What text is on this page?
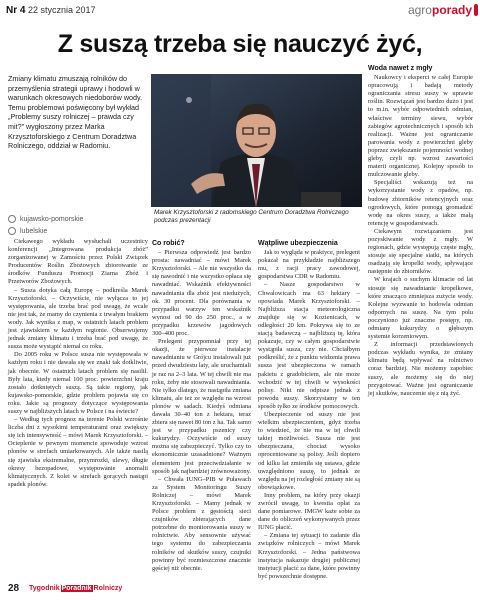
Nr 4 22 stycznia 2017	agroporady
Z suszą trzeba się nauczyć żyć,

Zmiany klimatu zmuszają rolników do przemyślenia strategii uprawy i hodowli w warunkach okresowych niedoborów wody. Temu problemowi poświęcony był wykład „Problemy suszy rolniczej – prawda czy mit?” wygłoszony przez Marka Krzysztoforskiego z Centrum Doradztwa Rolniczego, oddział w Radomiu.

kujawsko-pomorskie
lubelskie
Marek Krzysztoforski z radomskiego Centrum Doradztwa Rolniczego podczas prezentacji

Ciekawego wykładu wysłuchali uczestnicy konferencji „Integrowana produkcja zbóż” zorganizowanej w Zamościu przez Polski Związek Producentów Roślin Zbożowych zbiorowanie ze środków Funduszu Promocji Ziarna Zbóż i Przetworów Zbożowych.

– Susza dotyka całą Europę – podkreśla Marek Krzysztoforski. – Oczywiście, nie wyłącza to jej występowania, ale trzeba brać pod uwagę, że wcale nie jest tak, że mamy do czynienia z trwałym brakiem wody. Jak wynika z map, w ostatnich latach problem jest zjawiskiem w każdym regionie. Obserwujemy jednak zmiany klimatu i trzeba brać pod uwagę, że susza może wystąpić niemal co roku.

Do 2005 roku w Polsce susza nie występowała w każdym roku i nie dawała się we znaki tak dotkliwie, jak obecnie. W ostatnich latach problem się nasilił. Były lata, kiedy niemal 100 proc. powierzchni kraju zostało dotkniętych suszą. Są takie regiony, jak kujawsko-pomorskie, gdzie problem pojawia się co roku. Jakie są prognozy dotyczące występowania suszy w najbliższych latach w Polsce i na świecie?

– Według tych prognoz na terenie Polski wzrośnie liczba dni z wysokimi temperaturami oraz zwiększy się ich intensywność – mówi Marek Krzysztoforski. – Ocieplenie w pewnym momencie spowoduje wzrost plonów w strefach umiarkowanych. Ale także nasilą się zjawiska ekstremalne, przymrozki, ulewy, długie okresy bezopadowe, występowanie anomalii klimatycznych. Z kolei w strefach gorących nastąpi spadek plonów.

Co robić?

– Pierwsza odpowiedź jest bardzo prosta: nawadniać – mówi Marek Krzysztoforski. – Ale nie wszystko da się nawodnić i nie wszystko opłaca się nawadniać. Wskaźnik efektywności nawadniania dla zbóż jest niedużych, ok. 30 procent. Dla porównania w przypadku warzyw ten wskaźnik wynosi od 90 do 250 proc., a w przypadku krzewów jagodowych 300–400 proc.

Prelegent przypomniał przy tej okazji, że pierwsze instalacje nawadnianiu w Grójcu instalowali już przed dwudziestu laty, ale uruchamiali je raz na 2–3 lata. W tej chwili nie ma roku, żeby nie stosowali nawadniania. Nie tylko dlatego, że nastąpiła zmiana klimatu, ale też ze względu na wzrost plonów w sadach. Kiedyś odmiana dawała 30–40 ton z hektara, teraz zbiera się nawet 80 ton z ha. Tak samo jest w przypadku pszenicy czy kukurydzy. Oczywiście od suszy można się zabezpieczyć. Tylko czy to ekonomicznie uzasadnione? Ważnym elementem jest przeciwdziałanie w sposób jak najbardziej zrównoważony.

– Chwała IUNG–PIB w Puławach za System Monitoringu Suszy Rolniczej – mówi Marek Krzysztoforski. – Mamy jednak w Polsce problem z gęstością sieci czujników zbierających dane potrzebne do monitorowania suszy w rolnictwie. Aby sensownie używać tego systemu do zabezpieczania rolników od skutków suszy, czujniki powinny być rozmieszczone znacznie gęściej niż obecnie.

Wątpliwe ubezpieczenia

Jak to wygląda w praktyce, prelegent pokazał na przykładzie najbliższego mu, z racji pracy zawodowej, gospodarstwa CDR w Radomiu.

– Nasze gospodarstwo w Chwalowicach ma 63 hektary – opowiada Marek Krzysztoforski. – Najbliższa stacja meteorologiczna znajduje się w Kozienicach, w odległości 20 km. Pokrywa się to ze stacją badawczą – najbliższą tę, która pokazuje, czy w całym gospodarstwie wystąpiła susza, czy nie. Chciałbym podkreślić, że z punktu widzenia prawa susza jest ubezpieczona w ramach pakietu z gradobiciem, ale nie może wchodzić w tej chwili w wysokości polisy. Nikt nie odpisze jednak z powodu suszy. Skorzystamy w ten sposób tylko ze środków pomocowych.

Ubezpieczenie od suszy nie jest wielkim ubezpieczeniem, gdyż trzeba to wiedzieć, że nie ma w tej chwili takiej możliwości. Susza nie jest ubezpieczana, chociaż wysoko oprocentowane są polisy. Jeśli dopiero od kilku lat zmieniła się ustawa, gdzie uwzględniono suszę, to jednak ze względu na jej rozległość zmiany nie są obowiązkowe.

Inny problem, na który przy okazji zwrócił uwagę, to kwestia opłat za dane pomiarowe. IMGW każe sobie za dane do obliczeń wykonywanych przez IUNG płacić.

– Zmiana tej sytuacji to zadanie dla związków rolniczych – mówi Marek Krzysztoforski. – Jedna państwowa instytucja nakazuje drugiej publicznej instytucji płacić za dane, które powinny być powszechnie dostępne.

Woda nawet z mgły

Naukowcy i eksperci w całej Europie opracowują i badają metody ograniczania stresu suszy w uprawie roślin. Rozwiązań jest bardzo dużo i jest to m.in. wybór odpowiednich odmian, właściwe terminy siewu, wybór zabiegów agrotechnicznych i sposób ich realizacji. Ważne jest ograniczanie parowania wody z powierzchni gleby poprzez zwiększanie pojemności wodnej gleby, czyli np. wzrost zawartości materii organicznej. Kolejny sposób to mulczowanie gleby.

Specjaliści wskazują też na wykorzystanie wody z opadów, np. budowę zbiorników retencyjnych oraz ogrodowych, które pomogą gromadzić wodę na okres suszy, a także małą retencję w gospodarstwach.

Ciekawym rozwiązaniem jest pozyskiwanie wody z mgły. W regionach, gdzie występują częste mgły, stosuje się specjalne siatki, na których osadzają się kropelki wody, spływające następnie do zbiorników.

W krajach o suchym klimacie od lat stosuje się nawadnianie kropelkowe, które znacząco zmniejsza zużycie wody. Kolejne wyzwanie to hodowla odmian odpornych na suszę. Na tym polu poczyniono już znaczne postępy, np. odmiany kukurydzy o głębszym systemie korzeniowym.

Z informacji przedstawionych podczas wykładu wynika, że zmiany klimatu będą wpływać na rolnictwo coraz bardziej. Nie możemy zapobiec suszy, ale możemy się do niej przygotować. Ważne jest ograniczanie jej skutków, nauczenie się z nią żyć.

28 Tygodnik Poradnik Rolniczy
